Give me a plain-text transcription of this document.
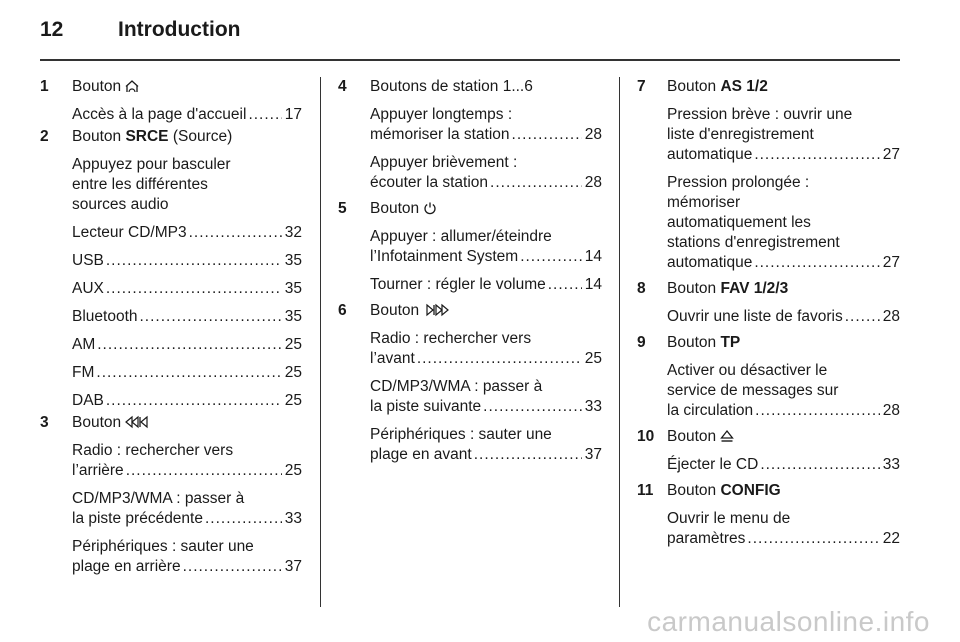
12	Introduction
1 Bouton
Accès à la page d'accueil ..... 17
2 Bouton SRCE (Source)
Appuyez pour basculer
entre les différentes
sources audio
Lecteur CD/MP3 .....	32
USB .....	35
AUX .....	35
Bluetooth .....	35
AM .....	25
FM .....	25
DAB .....	25
3 Bouton
Radio : rechercher vers
l’arrière .....	25
CD/MP3/WMA : passer à
la piste précédente .....	33
Périphériques : sauter une
plage en arrière .....	37
4 Boutons de station 1...6
Appuyer longtemps :
mémoriser la station .....	28
Appuyer brièvement :
écouter la station .....	28
5 Bouton
Appuyer : allumer/éteindre
l’Infotainment System .....	14
Tourner : régler le volume .....	14
6 Bouton
Radio : rechercher vers
l’avant .....	25
CD/MP3/WMA : passer à
la piste suivante .....	33
Périphériques : sauter une
plage en avant .....	37
7 Bouton AS 1/2
Pression brève : ouvrir une
liste d'enregistrement
automatique .....	27
Pression prolongée :
mémoriser
automatiquement les
stations d'enregistrement
automatique .....	27
8 Bouton FAV 1/2/3
Ouvrir une liste de favoris .....	28
9 Bouton TP
Activer ou désactiver le
service de messages sur
la circulation .....	28
10 Bouton
Éjecter le CD .....	33
11 Bouton CONFIG
Ouvrir le menu de
paramètres .....	22
carmanualsonline.info
